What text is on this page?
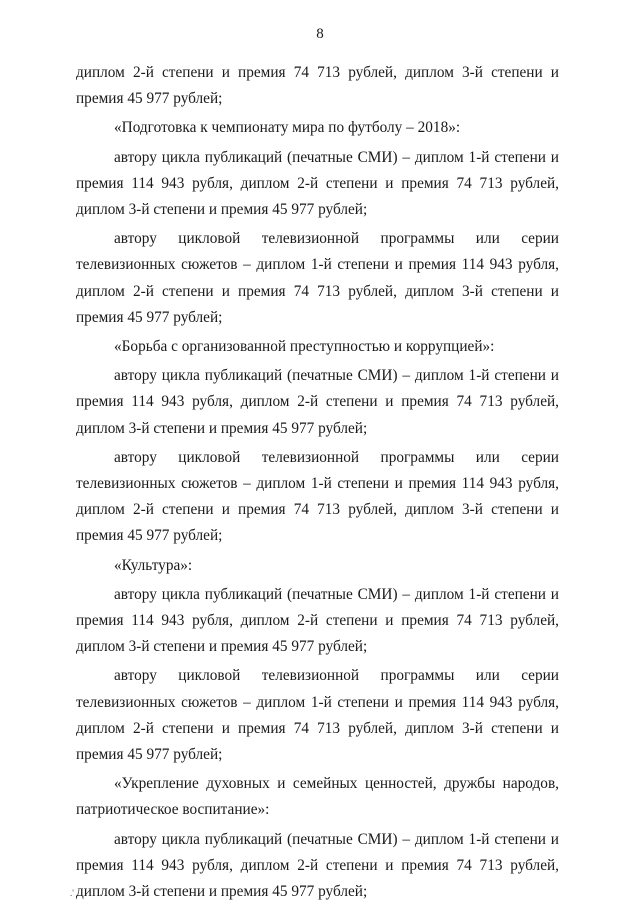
8

диплом 2-й степени и премия 74 713 рублей, диплом 3-й степени и премия 45 977 рублей;

«Подготовка к чемпионату мира по футболу – 2018»:

автору цикла публикаций (печатные СМИ) – диплом 1-й степени и премия 114 943 рубля, диплом 2-й степени и премия 74 713 рублей, диплом 3-й степени и премия 45 977 рублей;

автору цикловой телевизионной программы или серии телевизионных сюжетов – диплом 1-й степени и премия 114 943 рубля, диплом 2-й степени и премия 74 713 рублей, диплом 3-й степени и премия 45 977 рублей;

«Борьба с организованной преступностью и коррупцией»:

автору цикла публикаций (печатные СМИ) – диплом 1-й степени и премия 114 943 рубля, диплом 2-й степени и премия 74 713 рублей, диплом 3-й степени и премия 45 977 рублей;

автору цикловой телевизионной программы или серии телевизионных сюжетов – диплом 1-й степени и премия 114 943 рубля, диплом 2-й степени и премия 74 713 рублей, диплом 3-й степени и премия 45 977 рублей;

«Культура»:

автору цикла публикаций (печатные СМИ) – диплом 1-й степени и премия 114 943 рубля, диплом 2-й степени и премия 74 713 рублей, диплом 3-й степени и премия 45 977 рублей;

автору цикловой телевизионной программы или серии телевизионных сюжетов – диплом 1-й степени и премия 114 943 рубля, диплом 2-й степени и премия 74 713 рублей, диплом 3-й степени и премия 45 977 рублей;

«Укрепление духовных и семейных ценностей, дружбы народов, патриотическое воспитание»:

автору цикла публикаций (печатные СМИ) – диплом 1-й степени и премия 114 943 рубля, диплом 2-й степени и премия 74 713 рублей, диплом 3-й степени и премия 45 977 рублей;

.'
